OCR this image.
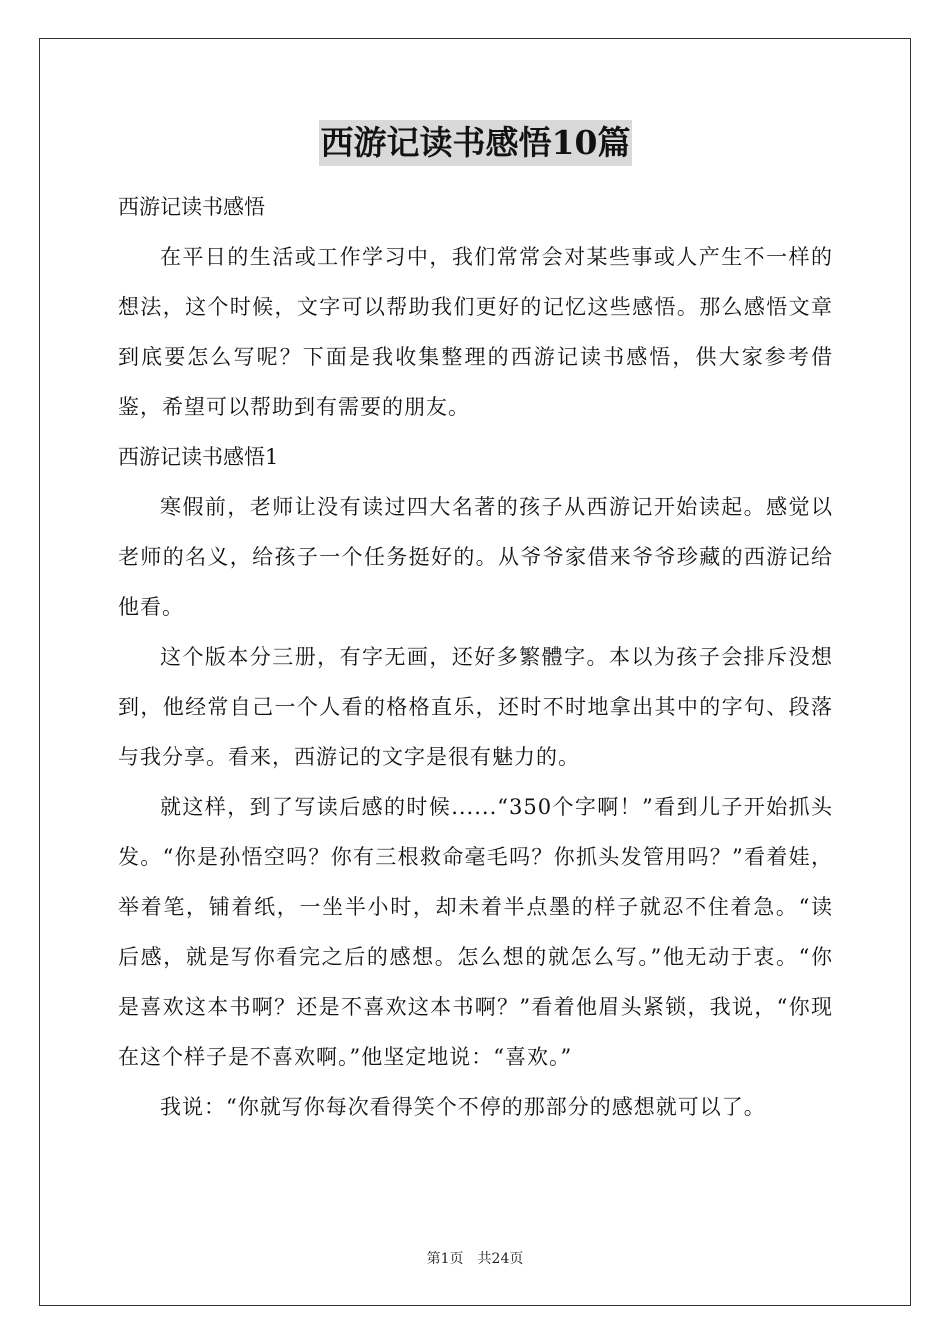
西游记读书感悟10篇

西游记读书感悟

在平日的生活或工作学习中，我们常常会对某些事或人产生不一样的想法，这个时候，文字可以帮助我们更好的记忆这些感悟。那么感悟文章到底要怎么写呢？下面是我收集整理的西游记读书感悟，供大家参考借鉴，希望可以帮助到有需要的朋友。

西游记读书感悟1

寒假前，老师让没有读过四大名著的孩子从西游记开始读起。感觉以老师的名义，给孩子一个任务挺好的。从爷爷家借来爷爷珍藏的西游记给他看。

这个版本分三册，有字无画，还好多繁體字。本以为孩子会排斥没想到，他经常自己一个人看的格格直乐，还时不时地拿出其中的字句、段落与我分享。看来，西游记的文字是很有魅力的。

就这样，到了写读后感的时候......“350个字啊！”看到儿子开始抓头发。“你是孙悟空吗？你有三根救命毫毛吗？你抓头发管用吗？”看着娃，举着笔，铺着纸，一坐半小时，却未着半点墨的样子就忍不住着急。“读后感，就是写你看完之后的感想。怎么想的就怎么写。”他无动于衷。“你是喜欢这本书啊？还是不喜欢这本书啊？”看着他眉头紧锁，我说，“你现在这个样子是不喜欢啊。”他坚定地说：“喜欢。”

我说：“你就写你每次看得笑个不停的那部分的感想就可以了。

第1页　共24页
